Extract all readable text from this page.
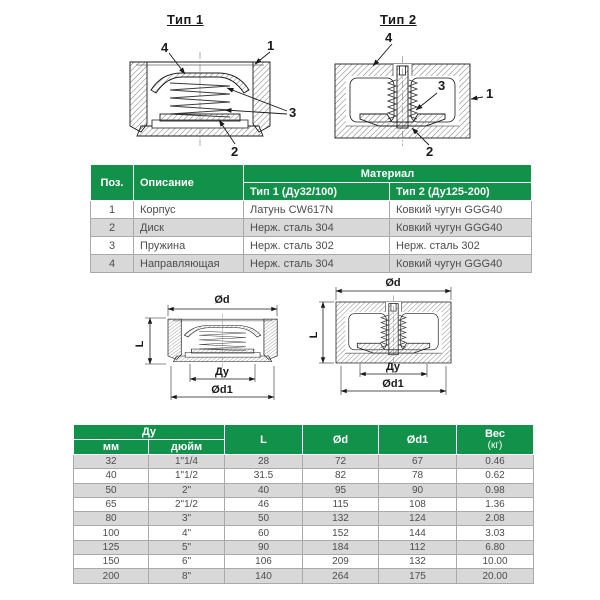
Тип 1	Тип 2
4	1
3
2
4
3
1
2
Поз.	Описание	Материал	
		Тип 1 (Ду32/100)	Тип 2 (Ду125-200)
1	Корпус	Латунь CW617N	Ковкий чугун GGG40
2	Диск	Нерж. сталь 304	Ковкий чугун GGG40
3	Пружина	Нерж. сталь 302	Нерж. сталь 302
4	Направляющая	Нерж. сталь 304	Ковкий чугун GGG40
Ød
L
Ду
Ød1
Ød
L
Ду
Ød1
Ду		L	Ød	Ød1	Вес
(кг)

мм	дюйм				
32	1"1/4	28	72	67	0.46
40	1"1/2	31.5	82	78	0.62
50	2"	40	95	90	0.98
65	2"1/2	46	115	108	1.36
80	3"	50	132	124	2.08
100	4"	60	152	144	3.03
125	5"	90	184	112	6.80
150	6"	106	209	132	10.00
200	8"	140	264	175	20.00
